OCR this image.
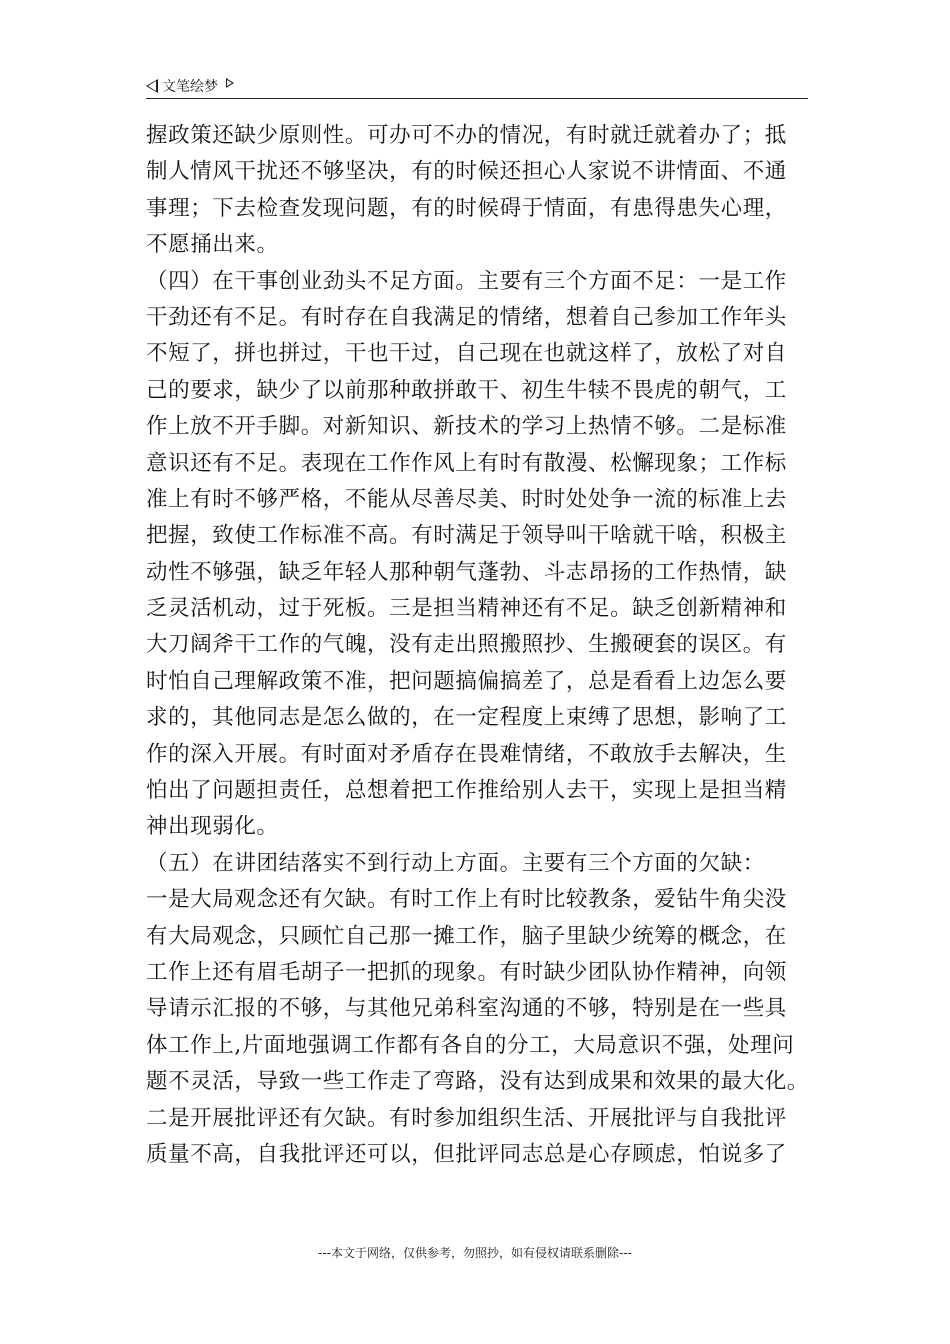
文笔绘梦
握政策还缺少原则性。可办可不办的情况，有时就迁就着办了；抵
制人情风干扰还不够坚决，有的时候还担心人家说不讲情面、不通
事理；下去检查发现问题，有的时候碍于情面，有患得患失心理，
不愿捅出来。
（四）在干事创业劲头不足方面。主要有三个方面不足：一是工作
干劲还有不足。有时存在自我满足的情绪，想着自己参加工作年头
不短了，拼也拼过，干也干过，自己现在也就这样了，放松了对自
己的要求，缺少了以前那种敢拼敢干、初生牛犊不畏虎的朝气，工
作上放不开手脚。对新知识、新技术的学习上热情不够。二是标准
意识还有不足。表现在工作作风上有时有散漫、松懈现象；工作标
准上有时不够严格，不能从尽善尽美、时时处处争一流的标准上去
把握，致使工作标准不高。有时满足于领导叫干啥就干啥，积极主
动性不够强，缺乏年轻人那种朝气蓬勃、斗志昂扬的工作热情，缺
乏灵活机动，过于死板。三是担当精神还有不足。缺乏创新精神和
大刀阔斧干工作的气魄，没有走出照搬照抄、生搬硬套的误区。有
时怕自己理解政策不准，把问题搞偏搞差了，总是看看上边怎么要
求的，其他同志是怎么做的，在一定程度上束缚了思想，影响了工
作的深入开展。有时面对矛盾存在畏难情绪，不敢放手去解决，生
怕出了问题担责任，总想着把工作推给别人去干，实现上是担当精
神出现弱化。
（五）在讲团结落实不到行动上方面。主要有三个方面的欠缺：
一是大局观念还有欠缺。有时工作上有时比较教条，爱钻牛角尖没
有大局观念，只顾忙自己那一摊工作，脑子里缺少统筹的概念，在
工作上还有眉毛胡子一把抓的现象。有时缺少团队协作精神，向领
导请示汇报的不够，与其他兄弟科室沟通的不够，特别是在一些具
体工作上,片面地强调工作都有各自的分工，大局意识不强，处理问
题不灵活，导致一些工作走了弯路，没有达到成果和效果的最大化。
二是开展批评还有欠缺。有时参加组织生活、开展批评与自我批评
质量不高，自我批评还可以，但批评同志总是心存顾虑，怕说多了
---本文于网络，仅供参考，勿照抄，如有侵权请联系删除---
